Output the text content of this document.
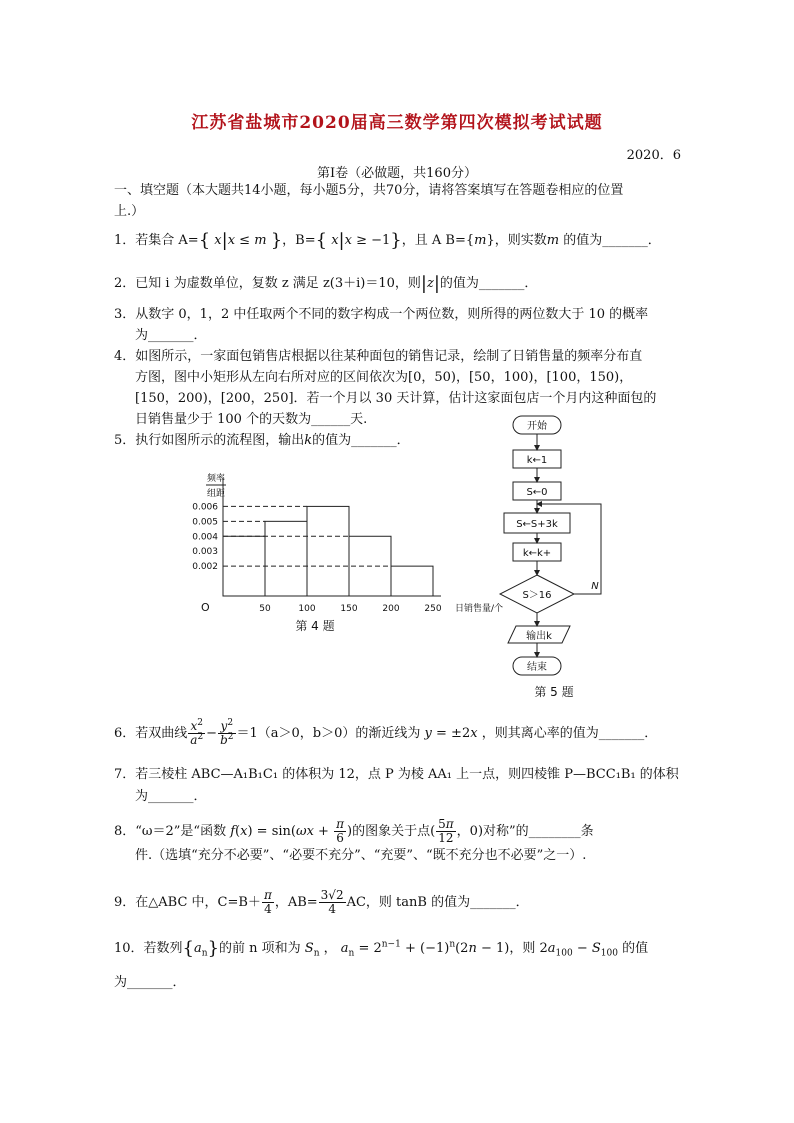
江苏省盐城市2020届高三数学第四次模拟考试试题
2020．6
第Ⅰ卷（必做题，共160分）
一、填空题（本大题共14小题，每小题5分，共70分，请将答案填写在答题卷相应的位置
上.）
1．若集合 A={ x|x ≤ m }，B={ x|x ≥ −1}，且 A B={m}，则实数m 的值为_______．
2．已知 i 为虚数单位，复数 z 满足 z(3＋i)＝10，则|z|的值为_______．
3．从数字 0，1，2 中任取两个不同的数字构成一个两位数，则所得的两位数大于 10 的概率
为_______．
4．如图所示，一家面包销售店根据以往某种面包的销售记录，绘制了日销售量的频率分布直
方图，图中小矩形从左向右所对应的区间依次为[0，50)，[50，100)，[100，150)，
[150，200)，[200，250]．若一个月以 30 天计算，估计这家面包店一个月内这种面包的
日销售量少于 100 个的天数为______天.
5．执行如图所示的流程图，输出k的值为_______．
0.006
0.005
0.004
0.003
0.002
50	100	150	200	250
O
频率
组距
日销售量/个
第 4 题
开始
k←1
S←0
S←S+3k
k←k+
S＞16
N
输出k
结束
第 5 题
6．若双曲线 $\frac{x^2}{a^2} - \frac{y^2}{b^2} =1(a>0$，b＞0）的渐近线为 y = ±2x ，则其离心率的值为_______．
7．若三棱柱 ABC—A₁B₁C₁ 的体积为 12，点 P 为棱 AA₁ 上一点，则四棱锥 P—BCC₁B₁ 的体积
为_______．
8．“ω＝2”是“函数 $f(x) = \sin(\omega x + \frac{\pi}{6}$ )的图象关于点( $\frac{5\pi}{12}$ ，0)对称”的________条
件.（选填“充分不必要”、“必要不充分”、“充要”、“既不充分也不必要”之一）.
9．在△ABC 中，$C=B+ \frac{\pi}{4}$ ，$AB= \frac{3√2}{4}$ AC，则 tanB 的值为_______．
10．若数列$\{a_n\}$的前 n 项和为 $S_n$ ， $a_n = 2^{n-1} + (-1)^n(2n - 1)$，则 $2a_{100} - S_{100}$ 的值
为_______．
